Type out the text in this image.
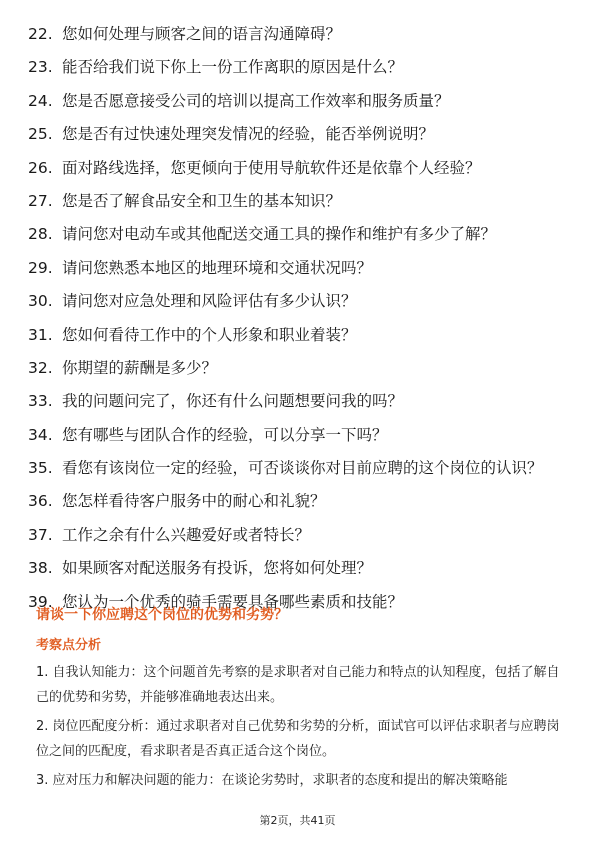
22. 您如何处理与顾客之间的语言沟通障碍？
23. 能否给我们说下你上一份工作离职的原因是什么？
24. 您是否愿意接受公司的培训以提高工作效率和服务质量？
25. 您是否有过快速处理突发情况的经验，能否举例说明？
26. 面对路线选择，您更倾向于使用导航软件还是依靠个人经验？
27. 您是否了解食品安全和卫生的基本知识？
28. 请问您对电动车或其他配送交通工具的操作和维护有多少了解？
29. 请问您熟悉本地区的地理环境和交通状况吗？
30. 请问您对应急处理和风险评估有多少认识？
31. 您如何看待工作中的个人形象和职业着装？
32. 你期望的薪酬是多少？
33. 我的问题问完了，你还有什么问题想要问我的吗？
34. 您有哪些与团队合作的经验，可以分享一下吗？
35. 看您有该岗位一定的经验，可否谈谈你对目前应聘的这个岗位的认识？
36. 您怎样看待客户服务中的耐心和礼貌？
37. 工作之余有什么兴趣爱好或者特长？
38. 如果顾客对配送服务有投诉，您将如何处理？
39. 您认为一个优秀的骑手需要具备哪些素质和技能？
请谈一下你应聘这个岗位的优势和劣势？
考察点分析
1. 自我认知能力：这个问题首先考察的是求职者对自己能力和特点的认知程度，包括了解自己的优势和劣势，并能够准确地表达出来。
2. 岗位匹配度分析：通过求职者对自己优势和劣势的分析，面试官可以评估求职者与应聘岗位之间的匹配度，看求职者是否真正适合这个岗位。
3. 应对压力和解决问题的能力：在谈论劣势时，求职者的态度和提出的解决策略能
第2页，共41页
